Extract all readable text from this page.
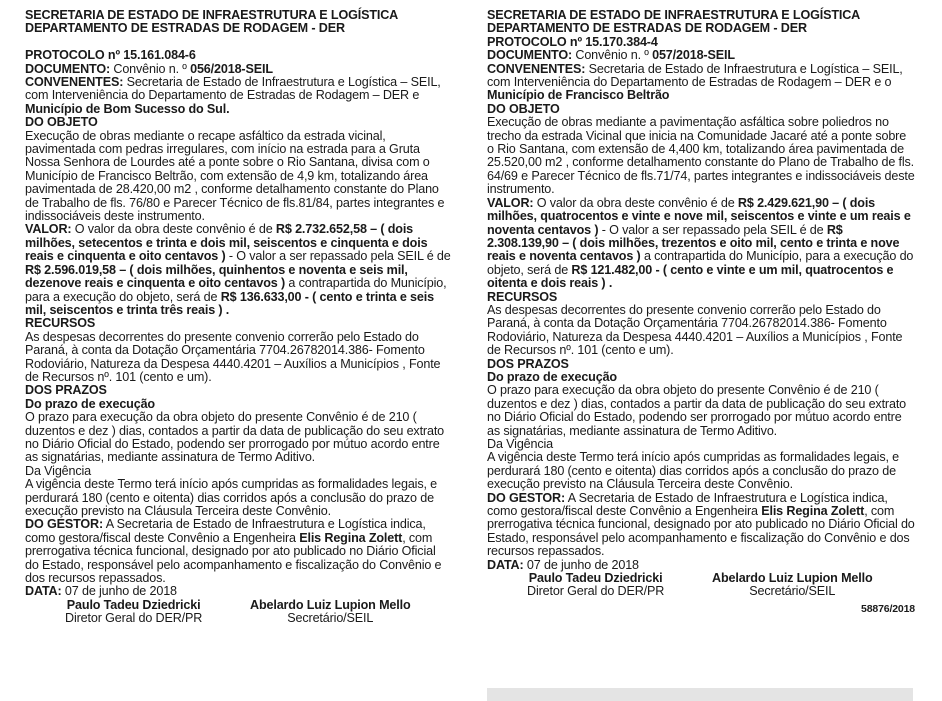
SECRETARIA DE ESTADO DE INFRAESTRUTURA E LOGÍSTICA

DEPARTAMENTO DE ESTRADAS DE RODAGEM - DER

PROTOCOLO nº 15.161.084-6

DOCUMENTO: Convênio n. º 056/2018-SEIL

CONVENENTES: Secretaria de Estado de Infraestrutura e Logística – SEIL, com Interveniência do Departamento de Estradas de Rodagem – DER e Município de Bom Sucesso do Sul.

DO OBJETO

Execução de obras mediante o recape asfáltico da estrada vicinal, pavimentada com pedras irregulares, com início na estrada para a Gruta Nossa Senhora de Lourdes até a ponte sobre o Rio Santana, divisa com o Município de Francisco Beltrão, com extensão de 4,9 km, totalizando área pavimentada de 28.420,00 m2 , conforme detalhamento constante do Plano de Trabalho de fls. 76/80 e Parecer Técnico de fls.81/84, partes integrantes e indissociáveis deste instrumento.

VALOR: O valor da obra deste convênio é de R$ 2.732.652,58 – ( dois milhões, setecentos e trinta e dois mil, seiscentos e cinquenta e dois reais e cinquenta e oito centavos ) - O valor a ser repassado pela SEIL é de R$ 2.596.019,58 – ( dois milhões, quinhentos e noventa e seis mil, dezenove reais e cinquenta e oito centavos ) a contrapartida do Município, para a execução do objeto, será de R$ 136.633,00 - ( cento e trinta e seis mil, seiscentos e trinta três reais ) .

RECURSOS

As despesas decorrentes do presente convenio correrão pelo Estado do Paraná, à conta da Dotação Orçamentária 7704.26782014.386- Fomento Rodoviário, Natureza da Despesa 4440.4201 – Auxílios a Municípios , Fonte de Recursos nº. 101 (cento e um).

DOS PRAZOS

Do prazo de execução

O prazo para execução da obra objeto do presente Convênio é de 210 ( duzentos e dez ) dias, contados a partir da data de publicação do seu extrato no Diário Oficial do Estado, podendo ser prorrogado por mútuo acordo entre as signatárias, mediante assinatura de Termo Aditivo.

Da Vigência

A vigência deste Termo terá início após cumpridas as formalidades legais, e perdurará 180 (cento e oitenta) dias corridos após a conclusão do prazo de execução previsto na Cláusula Terceira deste Convênio.

DO GESTOR: A Secretaria de Estado de Infraestrutura e Logística indica, como gestora/fiscal deste Convênio a Engenheira Elis Regina Zolett, com prerrogativa técnica funcional, designado por ato publicado no Diário Oficial do Estado, responsável pelo acompanhamento e fiscalização do Convênio e dos recursos repassados.

DATA: 07 de junho de 2018

Paulo Tadeu Dziedricki
Diretor Geral do DER/PR
Abelardo Luiz Lupion Mello
Secretário/SEIL

SECRETARIA DE ESTADO DE INFRAESTRUTURA E LOGÍSTICA

DEPARTAMENTO DE ESTRADAS DE RODAGEM - DER

PROTOCOLO nº 15.170.384-4

DOCUMENTO: Convênio n. º 057/2018-SEIL

CONVENENTES: Secretaria de Estado de Infraestrutura e Logística – SEIL, com Interveniência do Departamento de Estradas de Rodagem – DER e o Município de Francisco Beltrão

DO OBJETO

Execução de obras mediante a pavimentação asfáltica sobre poliedros no trecho da estrada Vicinal que inicia na Comunidade Jacaré até a ponte sobre o Rio Santana, com extensão de 4,400 km, totalizando área pavimentada de 25.520,00 m2 , conforme detalhamento constante do Plano de Trabalho de fls. 64/69 e Parecer Técnico de fls.71/74, partes integrantes e indissociáveis deste instrumento.

VALOR: O valor da obra deste convênio é de R$ 2.429.621,90 – ( dois milhões, quatrocentos e vinte e nove mil, seiscentos e vinte e um reais e noventa centavos ) - O valor a ser repassado pela SEIL é de R$ 2.308.139,90 – ( dois milhões, trezentos e oito mil, cento e trinta e nove reais e noventa centavos ) a contrapartida do Município, para a execução do objeto, será de R$ 121.482,00 - ( cento e vinte e um mil, quatrocentos e oitenta e dois reais ) .

RECURSOS

As despesas decorrentes do presente convenio correrão pelo Estado do Paraná, à conta da Dotação Orçamentária 7704.26782014.386- Fomento Rodoviário, Natureza da Despesa 4440.4201 – Auxílios a Municípios , Fonte de Recursos nº. 101 (cento e um).

DOS PRAZOS

Do prazo de execução

O prazo para execução da obra objeto do presente Convênio é de 210 ( duzentos e dez ) dias, contados a partir da data de publicação do seu extrato no Diário Oficial do Estado, podendo ser prorrogado por mútuo acordo entre as signatárias, mediante assinatura de Termo Aditivo.

Da Vigência

A vigência deste Termo terá início após cumpridas as formalidades legais, e perdurará 180 (cento e oitenta) dias corridos após a conclusão do prazo de execução previsto na Cláusula Terceira deste Convênio.

DO GESTOR: A Secretaria de Estado de Infraestrutura e Logística indica, como gestora/fiscal deste Convênio a Engenheira Elis Regina Zolett, com prerrogativa técnica funcional, designado por ato publicado no Diário Oficial do Estado, responsável pelo acompanhamento e fiscalização do Convênio e dos recursos repassados.

DATA: 07 de junho de 2018

Paulo Tadeu Dziedricki
Diretor Geral do DER/PR
Abelardo Luiz Lupion Mello
Secretário/SEIL

58876/2018
